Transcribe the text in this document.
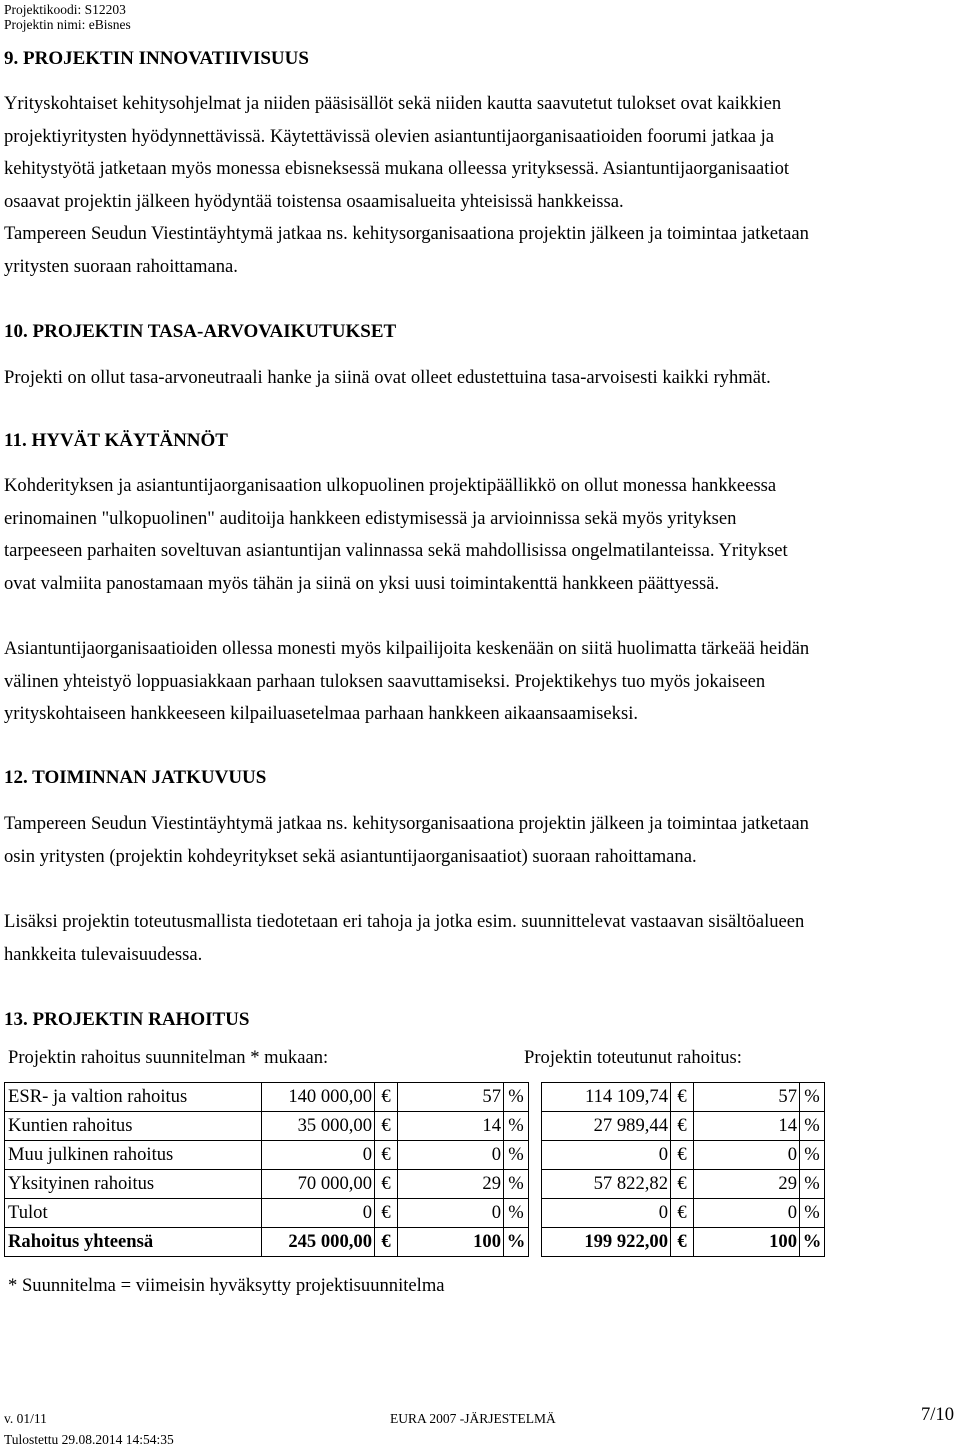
Projektikoodi: S12203
Projektin nimi: eBisnes
9. PROJEKTIN INNOVATIIVISUUS
Yrityskohtaiset kehitysohjelmat ja niiden pääsisällöt sekä niiden kautta saavutetut tulokset ovat kaikkien
projektiyritysten hyödynnettävissä. Käytettävissä olevien asiantuntijaorganisaatioiden foorumi jatkaa ja
kehitystyötä jatketaan myös monessa ebisneksessä mukana olleessa yrityksessä. Asiantuntijaorganisaatiot
osaavat projektin jälkeen hyödyntää toistensa osaamisalueita yhteisissä hankkeissa.
Tampereen Seudun Viestintäyhtymä jatkaa ns. kehitysorganisaationa projektin jälkeen ja toimintaa jatketaan
yritysten suoraan rahoittamana.
10. PROJEKTIN TASA-ARVOVAIKUTUKSET
Projekti on ollut tasa-arvoneutraali hanke ja siinä ovat olleet edustettuina tasa-arvoisesti kaikki ryhmät.
11. HYVÄT KÄYTÄNNÖT
Kohderityksen ja asiantuntijaorganisaation ulkopuolinen projektipäällikkö on ollut monessa hankkeessa
erinomainen "ulkopuolinen" auditoija hankkeen edistymisessä ja arvioinnissa sekä myös yrityksen
tarpeeseen parhaiten soveltuvan asiantuntijan valinnassa sekä mahdollisissa ongelmatilanteissa. Yritykset
ovat valmiita panostamaan myös tähän ja siinä on yksi uusi toimintakenttä hankkeen päättyessä.
Asiantuntijaorganisaatioiden ollessa monesti myös kilpailijoita keskenään on siitä huolimatta tärkeää heidän
välinen yhteistyö loppuasiakkaan parhaan tuloksen saavuttamiseksi. Projektikehys tuo myös jokaiseen
yrityskohtaiseen hankkeeseen kilpailuasetelmaa parhaan hankkeen aikaansaamiseksi.
12. TOIMINNAN JATKUVUUS
Tampereen Seudun Viestintäyhtymä jatkaa ns. kehitysorganisaationa projektin jälkeen ja toimintaa jatketaan
osin yritysten (projektin kohdeyritykset sekä asiantuntijaorganisaatiot) suoraan rahoittamana.
Lisäksi projektin toteutusmallista tiedotetaan eri tahoja ja jotka esim. suunnittelevat vastaavan sisältöalueen
hankkeita tulevaisuudessa.
13. PROJEKTIN RAHOITUS
Projektin rahoitus suunnitelman * mukaan:	Projektin toteutunut rahoitus:
ESR- ja valtion rahoitus	140 000,00	€	57	%		114 109,74	€	57	%
Kuntien rahoitus	35 000,00	€	14	%		27 989,44	€	14	%
Muu julkinen rahoitus	0	€	0	%		0	€	0	%
Yksityinen rahoitus	70 000,00	€	29	%		57 822,82	€	29	%
Tulot	0	€	0	%		0	€	0	%
Rahoitus yhteensä	245 000,00	€	100	%		199 922,00	€	100	%
* Suunnitelma = viimeisin hyväksytty projektisuunnitelma
v. 01/11	EURA 2007 -JÄRJESTELMÄ	7/10
Tulostettu 29.08.2014 14:54:35
